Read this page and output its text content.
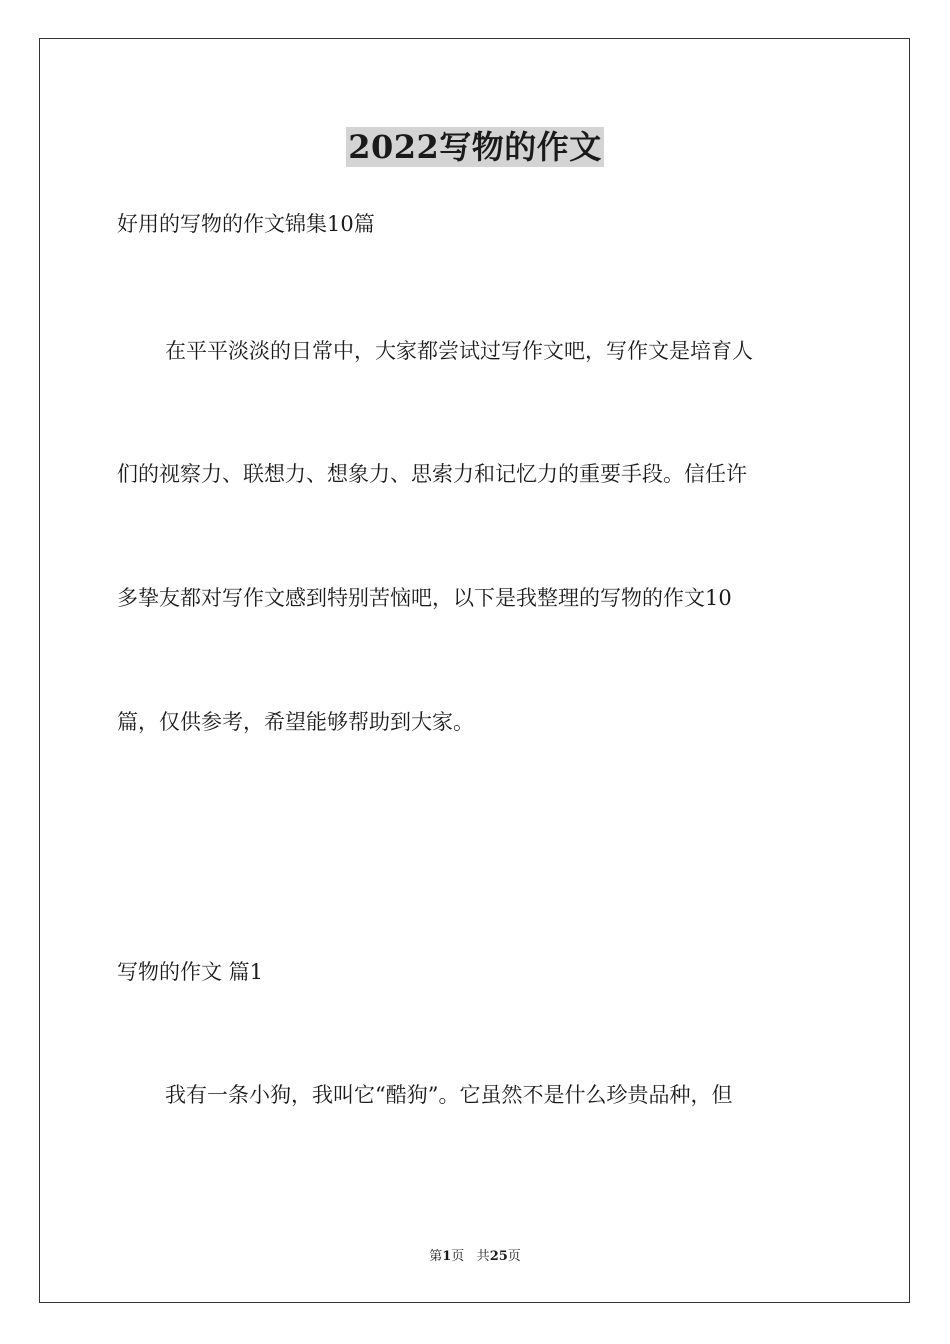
2022写物的作文
好用的写物的作文锦集10篇
在平平淡淡的日常中，大家都尝试过写作文吧，写作文是培育人
们的视察力、联想力、想象力、思索力和记忆力的重要手段。信任许
多挚友都对写作文感到特别苦恼吧，以下是我整理的写物的作文10
篇，仅供参考，希望能够帮助到大家。
写物的作文 篇1
我有一条小狗，我叫它“酷狗”。它虽然不是什么珍贵品种，但
第1页 共25页
